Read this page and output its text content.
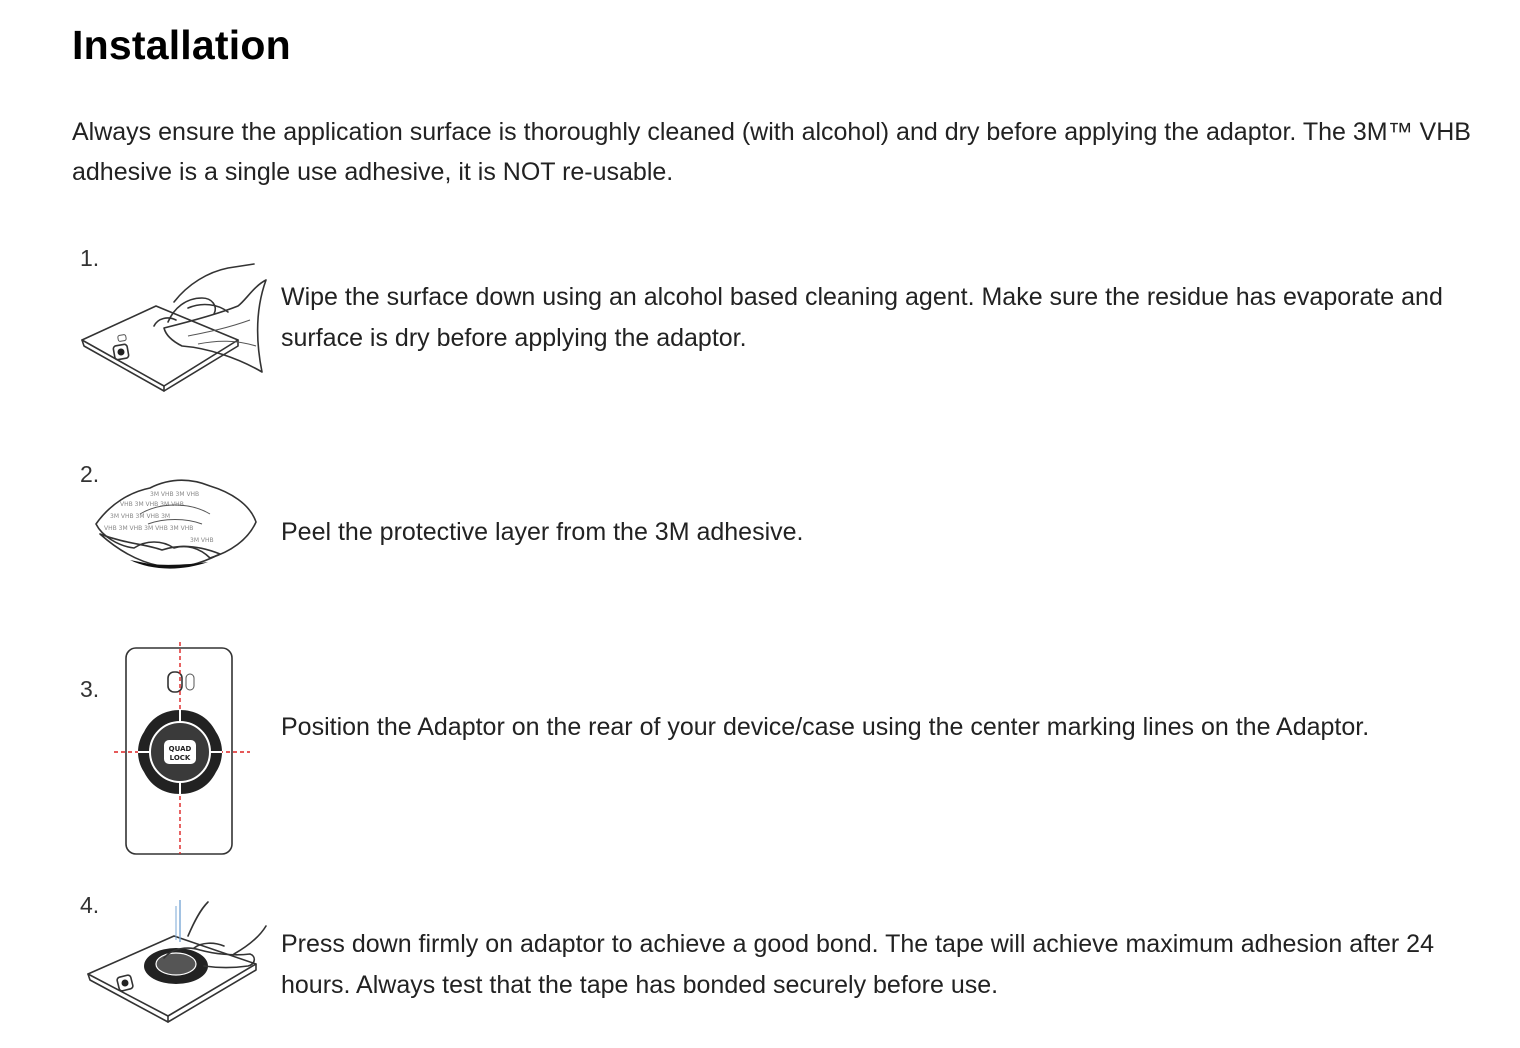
Installation

Always ensure the application surface is thoroughly cleaned (with alcohol) and dry before applying the adaptor. The 3M™ VHB adhesive is a single use adhesive, it is NOT re-usable.

1.

Wipe the surface down using an alcohol based cleaning agent. Make sure the residue has evaporate and surface is dry before applying the adaptor.

2.
3M VHB 3M VHB 3M
VHB 3M VHB 3M VHB
VHB 3M VHB 3M VHB 3M VHB
3M VHB 3M VHB
3M VHB	Peel the protective layer from the 3M adhesive.

3.
QUAD
LOCK

Position the Adaptor on the rear of your device/case using the center marking lines on the Adaptor.

4.

Press down firmly on adaptor to achieve a good bond. The tape will achieve maximum adhesion after 24 hours. Always test that the tape has bonded securely before use.
